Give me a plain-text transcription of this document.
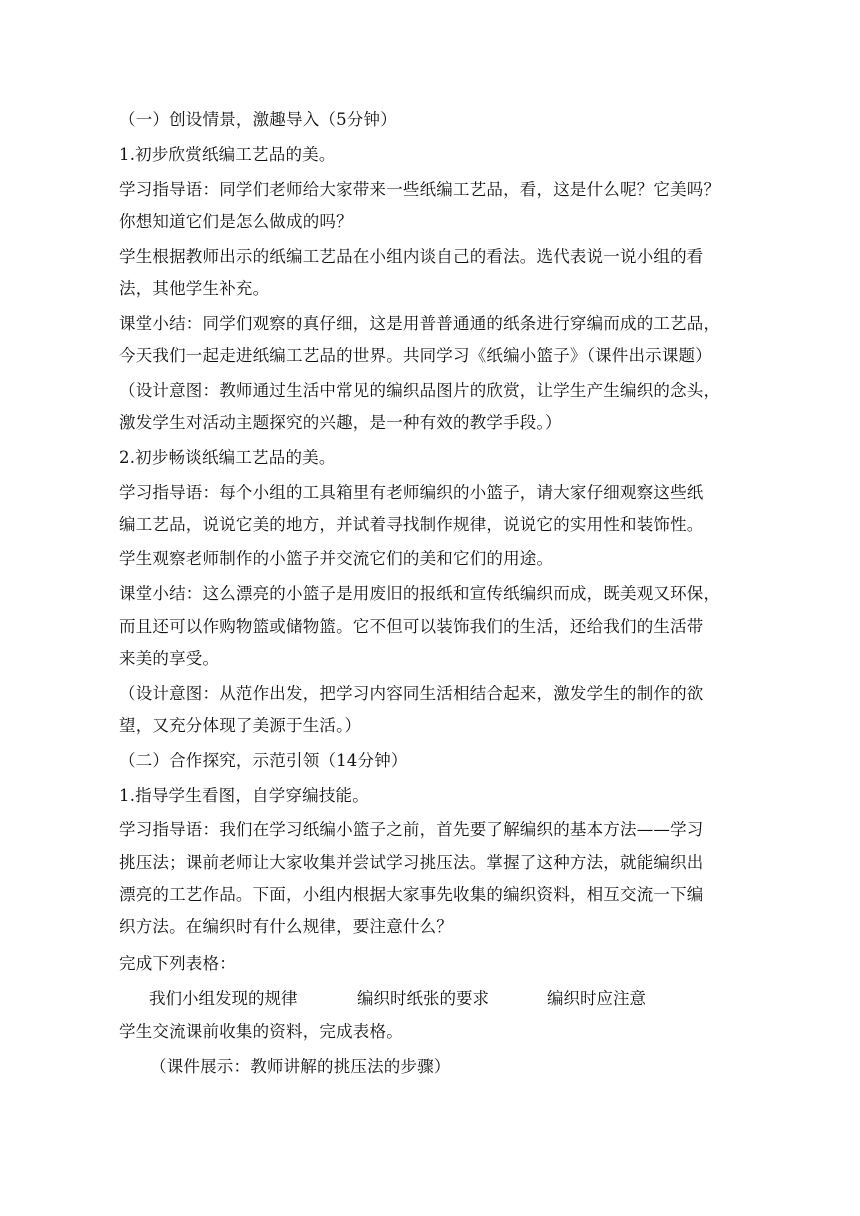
（一）创设情景，激趣导入（5分钟）
1.初步欣赏纸编工艺品的美。
学习指导语：同学们老师给大家带来一些纸编工艺品，看，这是什么呢？它美吗？
你想知道它们是怎么做成的吗？
学生根据教师出示的纸编工艺品在小组内谈自己的看法。选代表说一说小组的看
法，其他学生补充。
课堂小结：同学们观察的真仔细，这是用普普通通的纸条进行穿编而成的工艺品，
今天我们一起走进纸编工艺品的世界。共同学习《纸编小篮子》（课件出示课题）
（设计意图：教师通过生活中常见的编织品图片的欣赏，让学生产生编织的念头，
激发学生对活动主题探究的兴趣，是一种有效的教学手段。）
2.初步畅谈纸编工艺品的美。
学习指导语：每个小组的工具箱里有老师编织的小篮子，请大家仔细观察这些纸
编工艺品，说说它美的地方，并试着寻找制作规律，说说它的实用性和装饰性。
学生观察老师制作的小篮子并交流它们的美和它们的用途。
课堂小结：这么漂亮的小篮子是用废旧的报纸和宣传纸编织而成，既美观又环保，
而且还可以作购物篮或储物篮。它不但可以装饰我们的生活，还给我们的生活带
来美的享受。
（设计意图：从范作出发，把学习内容同生活相结合起来，激发学生的制作的欲
望，又充分体现了美源于生活。）
（二）合作探究，示范引领（14分钟）
1.指导学生看图，自学穿编技能。
学习指导语：我们在学习纸编小篮子之前，首先要了解编织的基本方法——学习
挑压法；课前老师让大家收集并尝试学习挑压法。掌握了这种方法，就能编织出
漂亮的工艺作品。下面，小组内根据大家事先收集的编织资料，相互交流一下编
织方法。在编织时有什么规律，要注意什么？
完成下列表格：
我们小组发现的规律	编织时纸张的要求	编织时应注意
学生交流课前收集的资料，完成表格。
（课件展示：教师讲解的挑压法的步骤）
